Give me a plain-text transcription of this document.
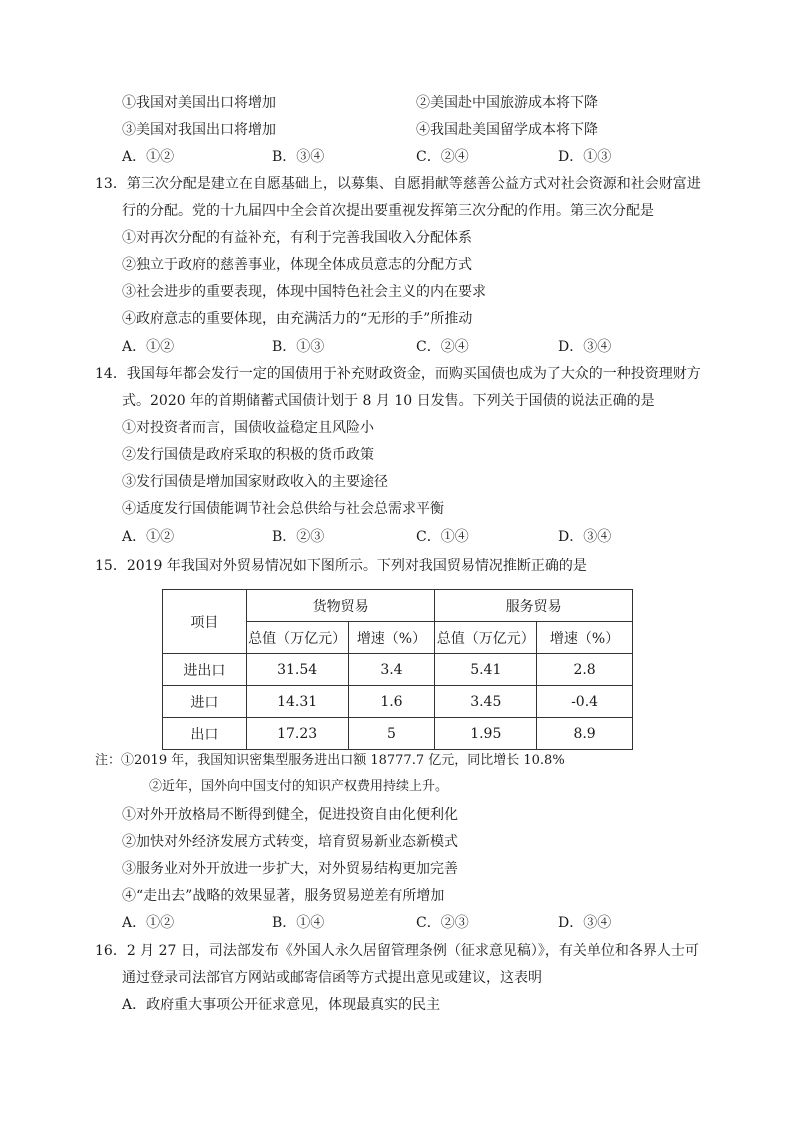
①我国对美国出口将增加	②美国赴中国旅游成本将下降
③美国对我国出口将增加	④我国赴美国留学成本将下降
A．①②	B．③④	C．②④	D．①③
13．第三次分配是建立在自愿基础上，以募集、自愿捐献等慈善公益方式对社会资源和社会财富进
行的分配。党的十九届四中全会首次提出要重视发挥第三次分配的作用。第三次分配是
①对再次分配的有益补充，有利于完善我国收入分配体系
②独立于政府的慈善事业，体现全体成员意志的分配方式
③社会进步的重要表现，体现中国特色社会主义的内在要求
④政府意志的重要体现，由充满活力的“无形的手”所推动
A．①②	B．①③	C．②④	D．③④
14．我国每年都会发行一定的国债用于补充财政资金，而购买国债也成为了大众的一种投资理财方
式。2020 年的首期储蓄式国债计划于 8 月 10 日发售。下列关于国债的说法正确的是
①对投资者而言，国债收益稳定且风险小
②发行国债是政府采取的积极的货币政策
③发行国债是增加国家财政收入的主要途径
④适度发行国债能调节社会总供给与社会总需求平衡
A．①②	B．②③	C．①④	D．③④
15．2019 年我国对外贸易情况如下图所示。下列对我国贸易情况推断正确的是
项目	货物贸易		服务贸易	
	总值（万亿元）	增速（%）	总值（万亿元）	增速（%）
进出口	31.54	3.4	5.41	2.8
进口	14.31	1.6	3.45	-0.4
出口	17.23	5	1.95	8.9
注：①2019 年，我国知识密集型服务进出口额 18777.7 亿元，同比增长 10.8%
②近年，国外向中国支付的知识产权费用持续上升。
①对外开放格局不断得到健全，促进投资自由化便利化
②加快对外经济发展方式转变，培育贸易新业态新模式
③服务业对外开放进一步扩大，对外贸易结构更加完善
④“走出去”战略的效果显著，服务贸易逆差有所增加
A．①②	B．①④	C．②③	D．③④
16．2 月 27 日，司法部发布《外国人永久居留管理条例（征求意见稿）》，有关单位和各界人士可
通过登录司法部官方网站或邮寄信函等方式提出意见或建议，这表明
A．政府重大事项公开征求意见，体现最真实的民主
